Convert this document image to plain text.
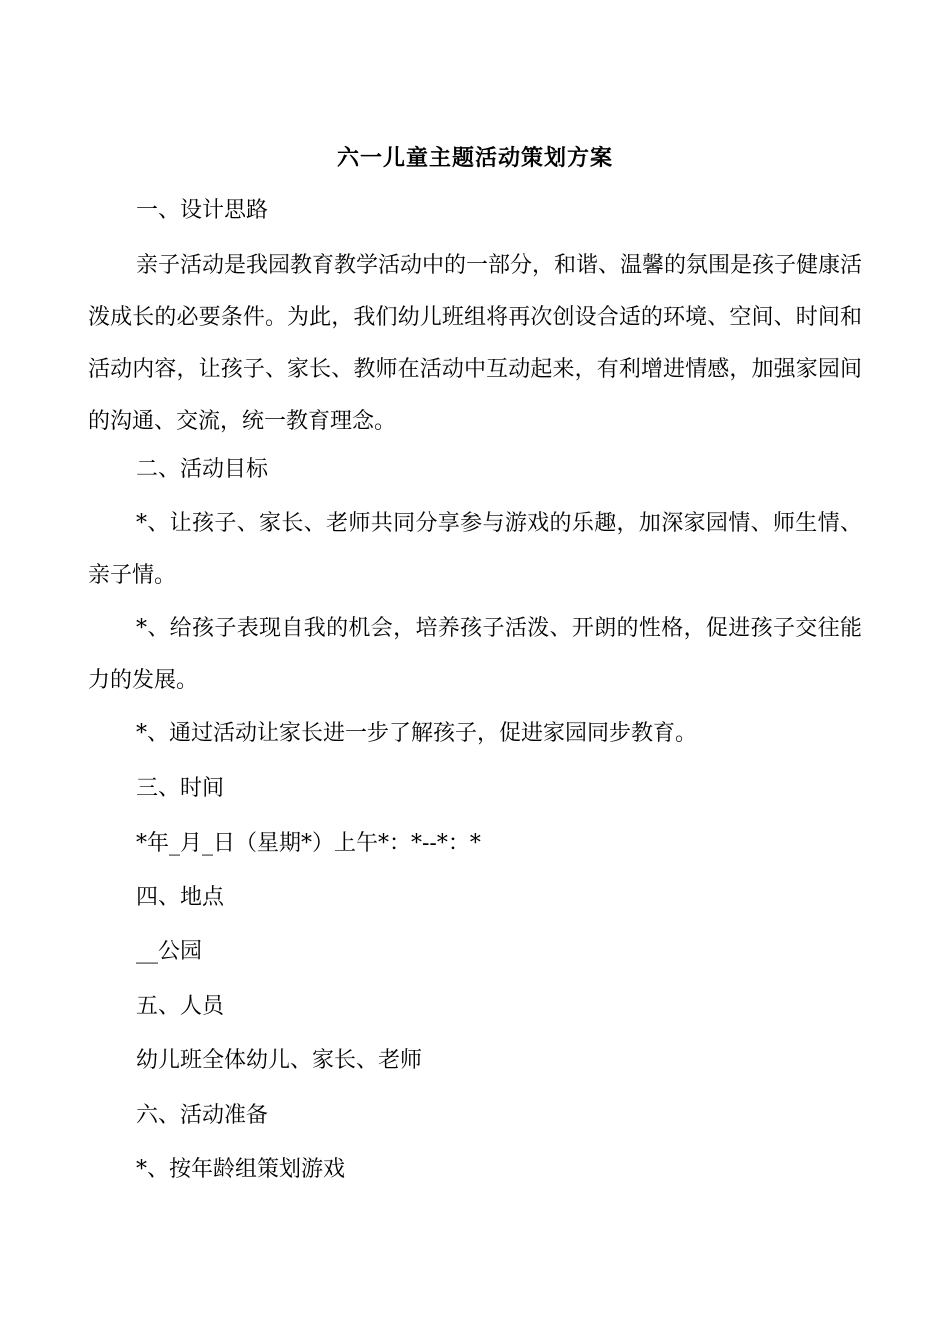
六一儿童主题活动策划方案
一、设计思路
亲子活动是我园教育教学活动中的一部分，和谐、温馨的氛围是孩子健康活泼成长的必要条件。为此，我们幼儿班组将再次创设合适的环境、空间、时间和活动内容，让孩子、家长、教师在活动中互动起来，有利增进情感，加强家园间的沟通、交流，统一教育理念。
二、活动目标
*、让孩子、家长、老师共同分享参与游戏的乐趣，加深家园情、师生情、亲子情。
*、给孩子表现自我的机会，培养孩子活泼、开朗的性格，促进孩子交往能力的发展。
*、通过活动让家长进一步了解孩子，促进家园同步教育。
三、时间
*年_月_日（星期*）上午*：*--*：*
四、地点
__公园
五、人员
幼儿班全体幼儿、家长、老师
六、活动准备
*、按年龄组策划游戏
